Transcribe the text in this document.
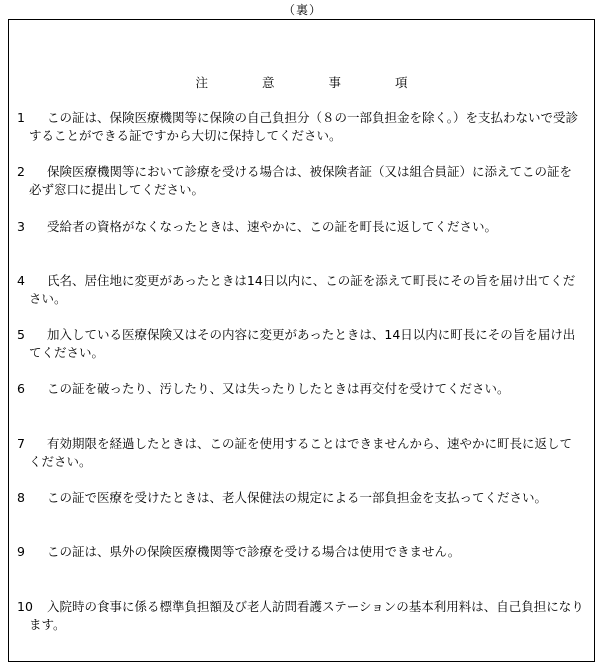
（裏）
注	意	事	項
1	この証は、保険医療機関等に保険の自己負担分（８の一部負担金を除く。）を支払わないで受診することができる証ですから大切に保持してください。
2	保険医療機関等において診療を受ける場合は、被保険者証（又は組合員証）に添えてこの証を必ず窓口に提出してください。
3	受給者の資格がなくなったときは、速やかに、この証を町長に返してください。
4	氏名、居住地に変更があったときは14日以内に、この証を添えて町長にその旨を届け出てください。
5	加入している医療保険又はその内容に変更があったときは、14日以内に町長にその旨を届け出てください。
6	この証を破ったり、汚したり、又は失ったりしたときは再交付を受けてください。
7	有効期限を経過したときは、この証を使用することはできませんから、速やかに町長に返してください。
8	この証で医療を受けたときは、老人保健法の規定による一部負担金を支払ってください。
9	この証は、県外の保険医療機関等で診療を受ける場合は使用できません。
10	入院時の食事に係る標準負担額及び老人訪問看護ステーションの基本利用料は、自己負担になります。
